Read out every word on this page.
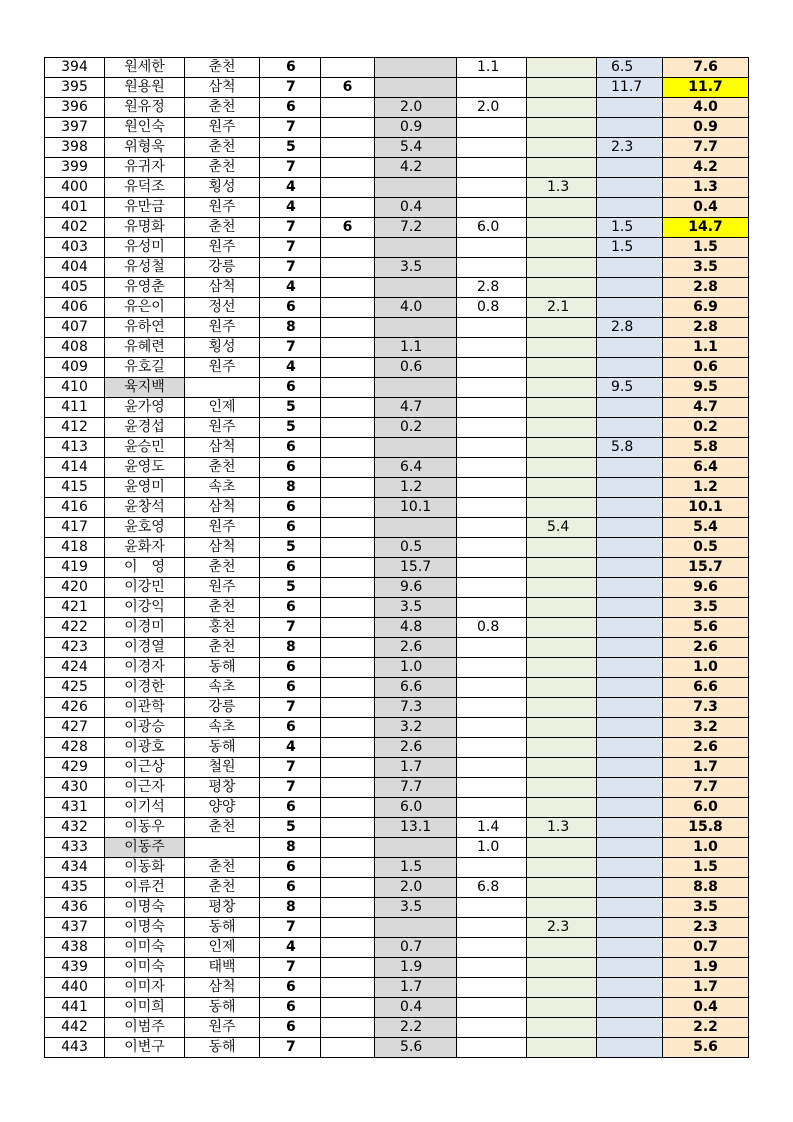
394	원세한	춘천	6			1.1		6.5	7.6
395	원용원	삼척	7	6				11.7	11.7
396	원유정	춘천	6		2.0	2.0			4.0
397	원인숙	원주	7		0.9				0.9
398	위형욱	춘천	5		5.4			2.3	7.7
399	유귀자	춘천	7		4.2				4.2
400	유덕조	횡성	4				1.3		1.3
401	유만금	원주	4		0.4				0.4
402	유명화	춘천	7	6	7.2	6.0		1.5	14.7
403	유성미	원주	7					1.5	1.5
404	유성철	강릉	7		3.5				3.5
405	유영춘	삼척	4			2.8			2.8
406	유은이	정선	6		4.0	0.8	2.1		6.9
407	유하연	원주	8					2.8	2.8
408	유혜련	횡성	7		1.1				1.1
409	유호길	원주	4		0.6				0.6
410	육지백		6					9.5	9.5
411	윤가영	인제	5		4.7				4.7
412	윤경섭	원주	5		0.2				0.2
413	윤승민	삼척	6					5.8	5.8
414	윤영도	춘천	6		6.4				6.4
415	윤영미	속초	8		1.2				1.2
416	윤창석	삼척	6		10.1				10.1
417	윤호영	원주	6				5.4		5.4
418	윤화자	삼척	5		0.5				0.5
419	이　영	춘천	6		15.7				15.7
420	이강민	원주	5		9.6				9.6
421	이강익	춘천	6		3.5				3.5
422	이경미	홍천	7		4.8	0.8			5.6
423	이경열	춘천	8		2.6				2.6
424	이경자	동해	6		1.0				1.0
425	이경한	속초	6		6.6				6.6
426	이관학	강릉	7		7.3				7.3
427	이광승	속초	6		3.2				3.2
428	이광호	동해	4		2.6				2.6
429	이근상	철원	7		1.7				1.7
430	이근자	평창	7		7.7				7.7
431	이기석	양양	6		6.0				6.0
432	이동우	춘천	5		13.1	1.4	1.3		15.8
433	이동주		8			1.0			1.0
434	이동화	춘천	6		1.5				1.5
435	이류건	춘천	6		2.0	6.8			8.8
436	이명숙	평창	8		3.5				3.5
437	이명숙	동해	7				2.3		2.3
438	이미숙	인제	4		0.7				0.7
439	이미숙	태백	7		1.9				1.9
440	이미자	삼척	6		1.7				1.7
441	이미희	동해	6		0.4				0.4
442	이범주	원주	6		2.2				2.2
443	이변구	동해	7		5.6				5.6
